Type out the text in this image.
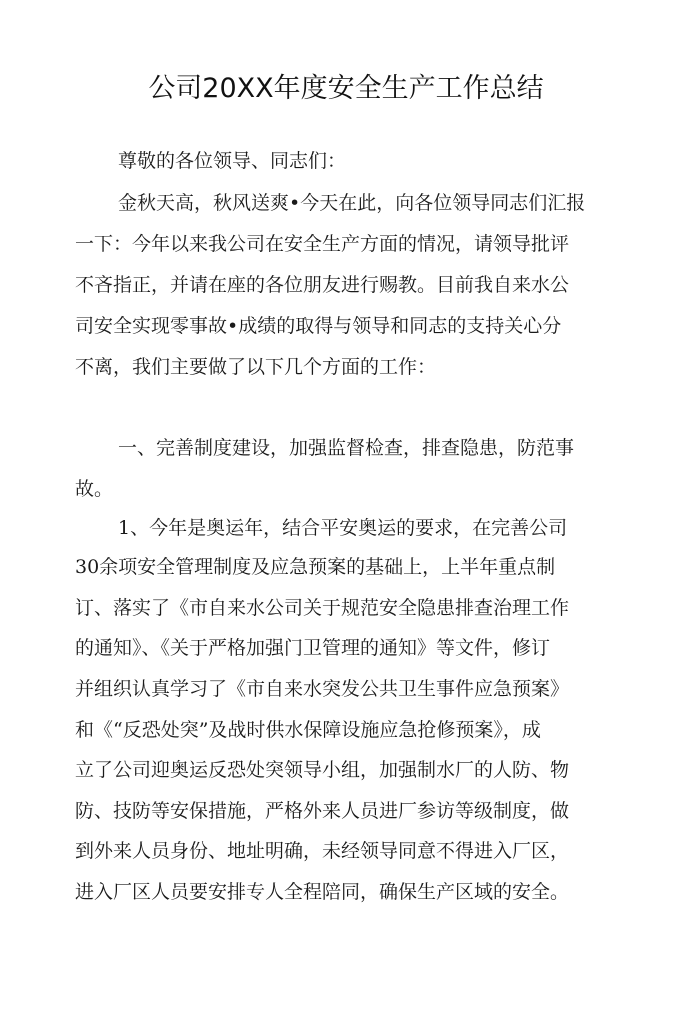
公司20XX年度安全生产工作总结

尊敬的各位领导、同志们：

金秋天高，秋风送爽•今天在此，向各位领导同志们汇报

一下：今年以来我公司在安全生产方面的情况，请领导批评

不吝指正，并请在座的各位朋友进行赐教。目前我自来水公

司安全实现零事故•成绩的取得与领导和同志的支持关心分

不离，我们主要做了以下几个方面的工作：

一、完善制度建设，加强监督检查，排查隐患，防范事

故。

1、今年是奥运年，结合平安奥运的要求，在完善公司

30余项安全管理制度及应急预案的基础上，上半年重点制

订、落实了《市自来水公司关于规范安全隐患排查治理工作

的通知》、《关于严格加强门卫管理的通知》等文件，修订

并组织认真学习了《市自来水突发公共卫生事件应急预案》

和《“反恐处突”及战时供水保障设施应急抢修预案》，成

立了公司迎奥运反恐处突领导小组，加强制水厂的人防、物

防、技防等安保措施，严格外来人员进厂参访等级制度，做

到外来人员身份、地址明确，未经领导同意不得进入厂区，

进入厂区人员要安排专人全程陪同，确保生产区域的安全。
